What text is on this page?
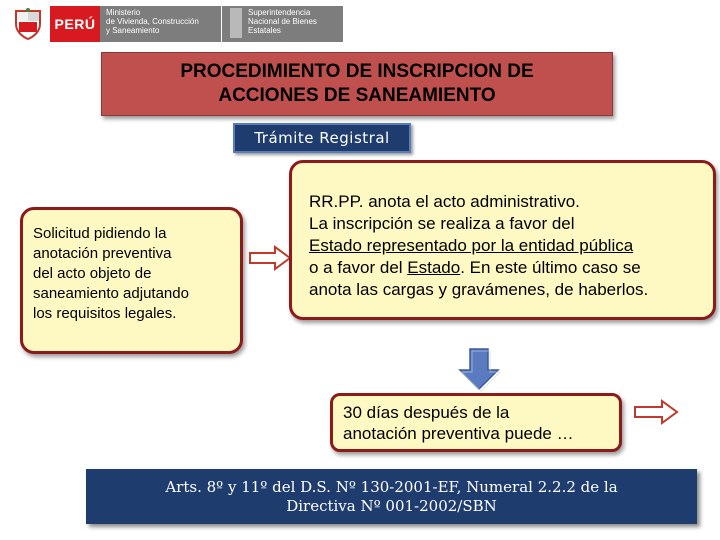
PERÚ
Ministerio
de Vivienda, Construcción
y Saneamiento
Superintendencia
Nacional de Bienes
Estatales
PROCEDIMIENTO DE INSCRIPCION DE
ACCIONES DE SANEAMIENTO
Trámite Registral
Solicitud pidiendo la
anotación preventiva
del acto objeto de
saneamiento adjutando
los requisitos legales.
RR.PP. anota el acto administrativo.
La inscripción se realiza a favor del
Estado representado por la entidad pública
o a favor del Estado. En este último caso se
anota las cargas y gravámenes, de haberlos.
30 días después de la
anotación preventiva puede …
Arts. 8º y 11º del D.S. Nº 130-2001-EF, Numeral 2.2.2 de la
Directiva Nº 001-2002/SBN
